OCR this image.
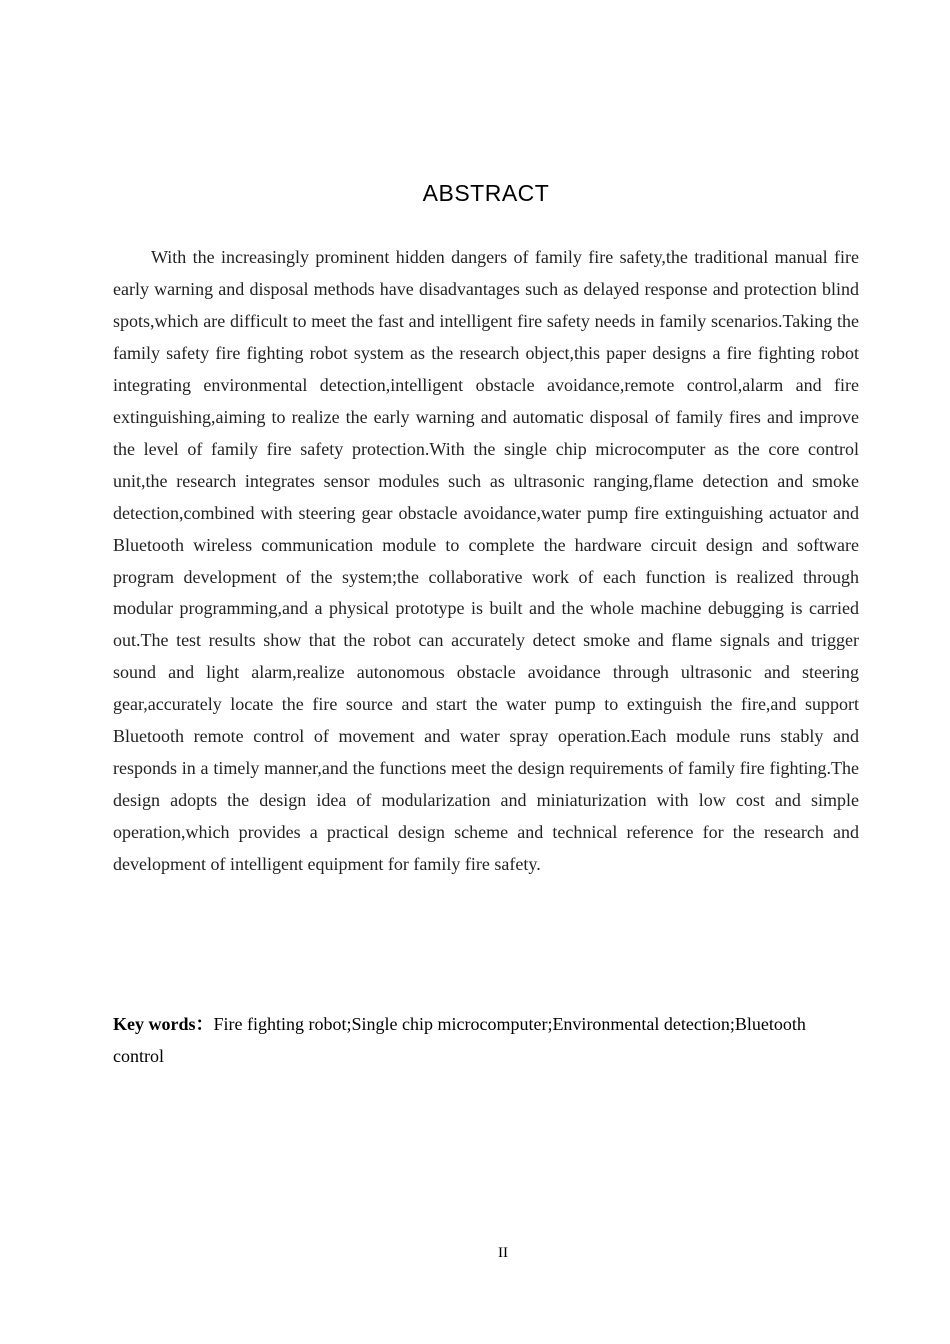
ABSTRACT

With the increasingly prominent hidden dangers of family fire safety,the traditional manual fire early warning and disposal methods have disadvantages such as delayed response and protection blind spots,which are difficult to meet the fast and intelligent fire safety needs in family scenarios.Taking the family safety fire fighting robot system as the research object,this paper designs a fire fighting robot integrating environmental detection,intelligent obstacle avoidance,remote control,alarm and fire extinguishing,aiming to realize the early warning and automatic disposal of family fires and improve the level of family fire safety protection.With the single chip microcomputer as the core control unit,the research integrates sensor modules such as ultrasonic ranging,flame detection and smoke detection,combined with steering gear obstacle avoidance,water pump fire extinguishing actuator and Bluetooth wireless communication module to complete the hardware circuit design and software program development of the system;the collaborative work of each function is realized through modular programming,and a physical prototype is built and the whole machine debugging is carried out.The test results show that the robot can accurately detect smoke and flame signals and trigger sound and light alarm,realize autonomous obstacle avoidance through ultrasonic and steering gear,accurately locate the fire source and start the water pump to extinguish the fire,and support Bluetooth remote control of movement and water spray operation.Each module runs stably and responds in a timely manner,and the functions meet the design requirements of family fire fighting.The design adopts the design idea of modularization and miniaturization with low cost and simple operation,which provides a practical design scheme and technical reference for the research and development of intelligent equipment for family fire safety.

Key words：Fire fighting robot;Single chip microcomputer;Environmental detection;Bluetooth control

II
